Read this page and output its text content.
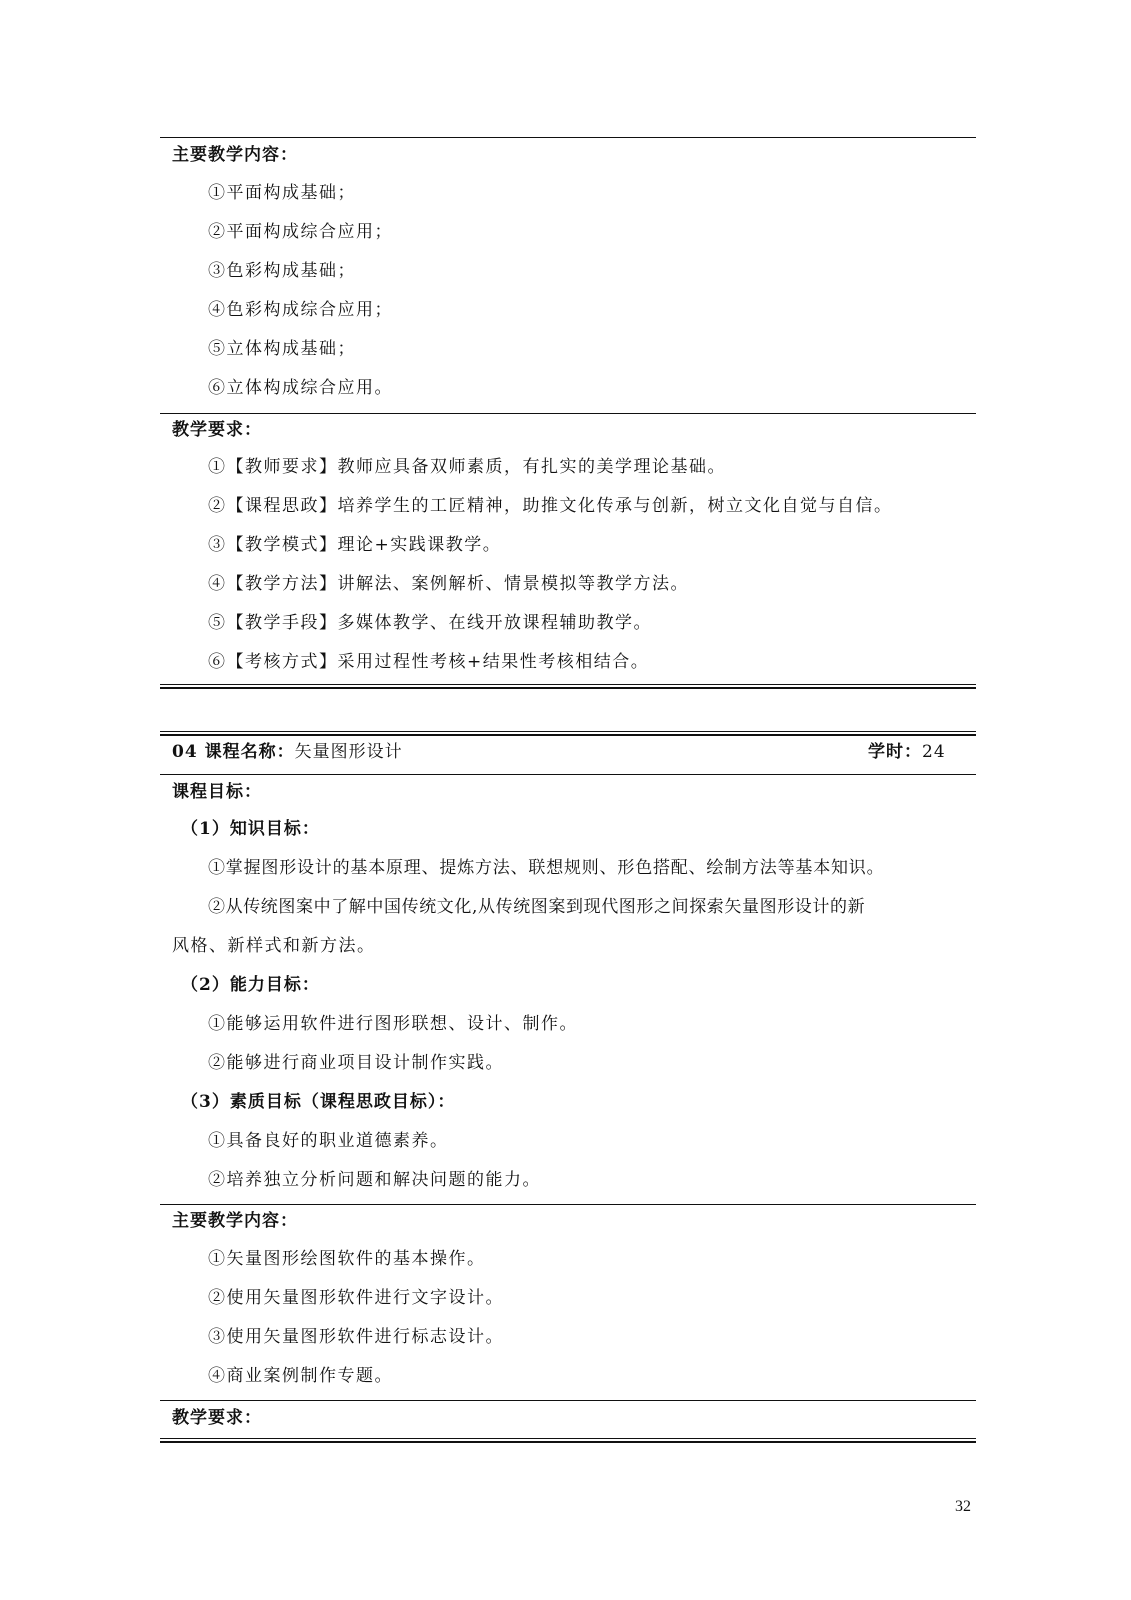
主要教学内容：
①平面构成基础；
②平面构成综合应用；
③色彩构成基础；
④色彩构成综合应用；
⑤立体构成基础；
⑥立体构成综合应用。
教学要求：
①【教师要求】教师应具备双师素质，有扎实的美学理论基础。
②【课程思政】培养学生的工匠精神，助推文化传承与创新，树立文化自觉与自信。
③【教学模式】理论+实践课教学。
④【教学方法】讲解法、案例解析、情景模拟等教学方法。
⑤【教学手段】多媒体教学、在线开放课程辅助教学。
⑥【考核方式】采用过程性考核+结果性考核相结合。
04 课程名称：矢量图形设计	学时：24
课程目标：
（1）知识目标：
①掌握图形设计的基本原理、提炼方法、联想规则、形色搭配、绘制方法等基本知识。
②从传统图案中了解中国传统文化,从传统图案到现代图形之间探索矢量图形设计的新
风格、新样式和新方法。
（2）能力目标：
①能够运用软件进行图形联想、设计、制作。
②能够进行商业项目设计制作实践。
（3）素质目标（课程思政目标）：
①具备良好的职业道德素养。
②培养独立分析问题和解决问题的能力。
主要教学内容：
①矢量图形绘图软件的基本操作。
②使用矢量图形软件进行文字设计。
③使用矢量图形软件进行标志设计。
④商业案例制作专题。
教学要求：
32
